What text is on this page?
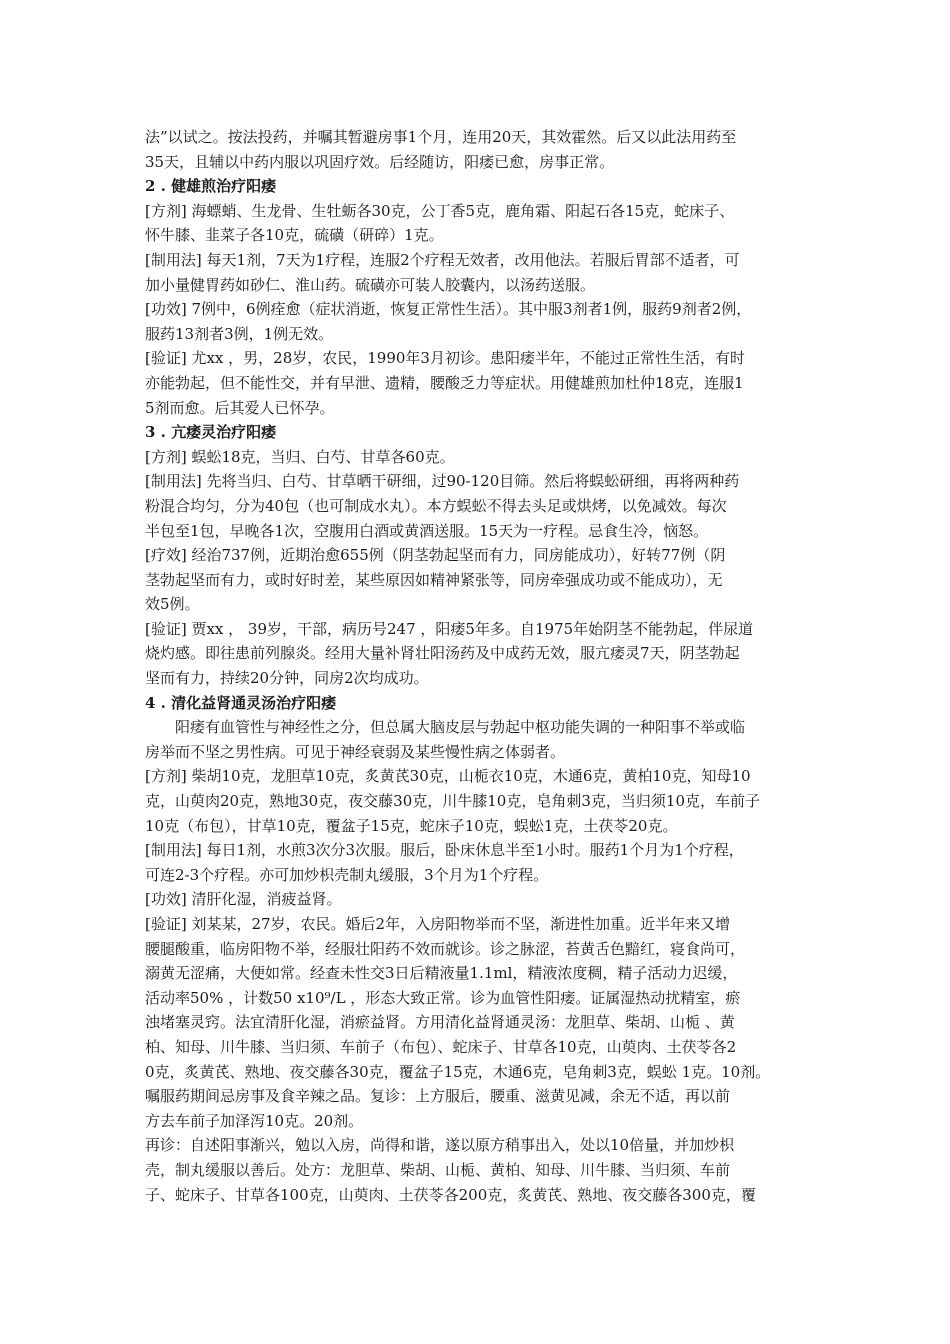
法”以试之。按法投药，并嘱其暂避房事1个月，连用20天，其效霍然。后又以此法用药至
35天，且辅以中药内服以巩固疗效。后经随访，阳痿已愈，房事正常。
2 . 健雄煎治疗阳痿
[方剂] 海螵蛸、生龙骨、生牡蛎各30克，公丁香5克，鹿角霜、阳起石各15克，蛇床子、
怀牛膝、韭菜子各10克，硫磺（研碎）1克。
[制用法] 每天1剂，7天为1疗程，连服2个疗程无效者，改用他法。若服后胃部不适者，可
加小量健胃药如砂仁、淮山药。硫磺亦可装人胶囊内，以汤药送服。
[功效] 7例中，6例痊愈（症状消逝，恢复正常性生活）。其中服3剂者1例，服药9剂者2例，
服药13剂者3例，1例无效。
[验证] 尤xx ，男，28岁，农民，1990年3月初诊。患阳痿半年，不能过正常性生活，有时
亦能勃起，但不能性交，并有早泄、遗精，腰酸乏力等症状。用健雄煎加杜仲18克，连服1
5剂而愈。后其爱人已怀孕。
3 . 亢痿灵治疗阳痿
[方剂] 蜈蚣18克，当归、白芍、甘草各60克。
[制用法] 先将当归、白芍、甘草晒干研细，过90-120目筛。然后将蜈蚣研细，再将两种药
粉混合均匀，分为40包（也可制成水丸）。本方蜈蚣不得去头足或烘烤，以免减效。每次
半包至1包，早晚各1次，空腹用白酒或黄酒送服。15天为一疗程。忌食生冷，恼怒。
[疗效] 经治737例，近期治愈655例（阴茎勃起坚而有力，同房能成功），好转77例（阴
茎勃起坚而有力，或时好时差，某些原因如精神紧张等，同房牵强成功或不能成功），无
效5例。
[验证] 贾xx ， 39岁，干部，病历号247 ，阳痿5年多。自1975年始阴茎不能勃起，伴尿道
烧灼感。即往患前列腺炎。经用大量补肾壮阳汤药及中成药无效，服亢痿灵7天，阴茎勃起
坚而有力，持续20分钟，同房2次均成功。
4 . 清化益肾通灵汤治疗阳痿
　　阳痿有血管性与神经性之分，但总属大脑皮层与勃起中枢功能失调的一种阳事不举或临
房举而不坚之男性病。可见于神经衰弱及某些慢性病之体弱者。
[方剂] 柴胡10克，龙胆草10克，炙黄芪30克，山栀衣10克，木通6克，黄柏10克，知母10
克，山萸肉20克，熟地30克，夜交藤30克，川牛膝10克，皂角刺3克，当归须10克，车前子
10克（布包），甘草10克，覆盆子15克，蛇床子10克，蜈蚣1克，土茯苓20克。
[制用法] 每日1剂，水煎3次分3次服。服后，卧床休息半至1小时。服药1个月为1个疗程，
可连2-3个疗程。亦可加炒枳壳制丸缓服，3个月为1个疗程。
[功效] 清肝化湿，消疲益肾。
[验证] 刘某某，27岁，农民。婚后2年，入房阳物举而不坚，渐进性加重。近半年来又增
腰腿酸重，临房阳物不举，经服壮阳药不效而就诊。诊之脉涩，苔黄舌色黯红，寝食尚可，
溺黄无涩痛，大便如常。经查未性交3日后精液量1.1ml，精液浓度稠，精子活动力迟缓，
活动率50% ，计数50 x10⁹/L ，形态大致正常。诊为血管性阳痿。证属湿热动扰精室，瘀
浊堵塞灵窍。法宜清肝化湿，消瘀益肾。方用清化益肾通灵汤：龙胆草、柴胡、山栀 、黄
柏、知母、川牛膝、当归须、车前子（布包）、蛇床子、甘草各10克，山萸肉、土茯苓各2
0克，炙黄芪、熟地、夜交藤各30克，覆盆子15克，木通6克，皂角刺3克，蜈蚣 1克。10剂。
嘱服药期间忌房事及食辛辣之品。复诊：上方服后，腰重、滋黄见减，余无不适，再以前
方去车前子加泽泻10克。20剂。
再诊：自述阳事渐兴，勉以入房，尚得和谐，遂以原方稍事出入，处以10倍量，并加炒枳
壳，制丸缓服以善后。处方：龙胆草、柴胡、山栀、黄柏、知母、川牛膝、当归须、车前
子、蛇床子、甘草各100克，山萸肉、土茯苓各200克，炙黄芪、熟地、夜交藤各300克，覆
